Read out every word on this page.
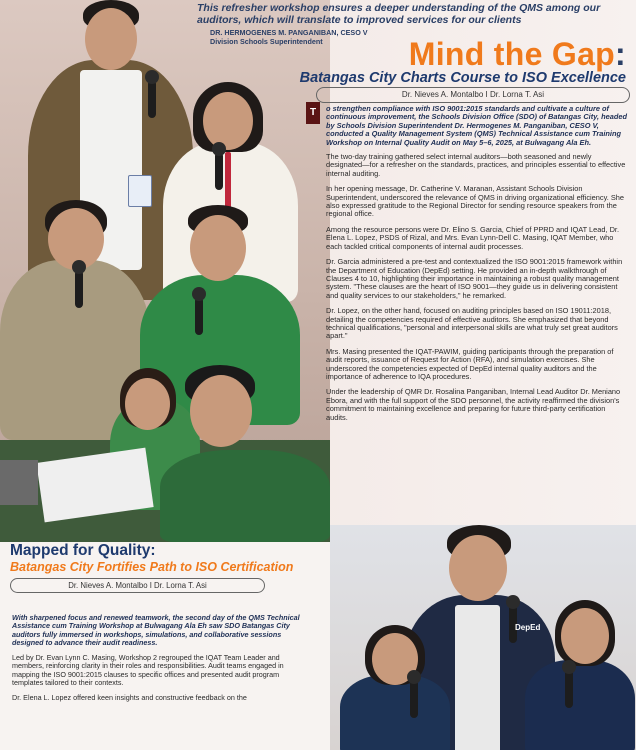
This refresher workshop ensures a deeper understanding of the QMS among our auditors, which will translate to improved services for our clients
DR. HERMOGENES M. PANGANIBAN, CESO V
Division Schools Superintendent	Mind the Gap:
Batangas City Charts Course to ISO Excellence
Dr. Nieves A. Montalbo I Dr. Lorna T. Asi
T	o strengthen compliance with ISO 9001:2015 standards and cultivate a culture of continuous improvement, the Schools Division Office (SDO) of Batangas City, headed by Schools Division Superintendent Dr. Hermogenes M. Panganiban, CESO V, conducted a Quality Management System (QMS) Technical Assistance cum Training Workshop on Internal Quality Audit on May 5–6, 2025, at Bulwagang Ala Eh.

The two-day training gathered select internal auditors—both seasoned and newly designated—for a refresher on the standards, practices, and principles essential to effective internal auditing.

In her opening message, Dr. Catherine V. Maranan, Assistant Schools Division Superintendent, underscored the relevance of QMS in driving organizational efficiency. She also expressed gratitude to the Regional Director for sending resource speakers from the regional office.

Among the resource persons were Dr. Elino S. Garcia, Chief of PPRD and IQAT Lead, Dr. Elena L. Lopez, PSDS of Rizal, and Mrs. Evan Lynn-Dell C. Masing, IQAT Member, who each tackled critical components of internal audit processes.

Dr. Garcia administered a pre-test and contextualized the ISO 9001:2015 framework within the Department of Education (DepEd) setting. He provided an in-depth walkthrough of Clauses 4 to 10, highlighting their importance in maintaining a robust quality management system. "These clauses are the heart of ISO 9001—they guide us in delivering consistent and quality services to our stakeholders," he remarked.

Dr. Lopez, on the other hand, focused on auditing principles based on ISO 19011:2018, detailing the competencies required of effective auditors. She emphasized that beyond technical qualifications, "personal and interpersonal skills are what truly set great auditors apart."

Mrs. Masing presented the IQAT-PAWIM, guiding participants through the preparation of audit reports, issuance of Request for Action (RFA), and simulation exercises. She underscored the competencies expected of DepEd internal quality auditors and the importance of adherence to IQA procedures.

Under the leadership of QMR Dr. Rosalina Panganiban, Internal Lead Auditor Dr. Meniano Ebora, and with the full support of the SDO personnel, the activity reaffirmed the division's commitment to maintaining excellence and preparing for future third-party certification audits.

Mapped for Quality:
Batangas City Fortifies Path to ISO Certification
Dr. Nieves A. Montalbo I Dr. Lorna T. Asi

With sharpened focus and renewed teamwork, the second day of the QMS Technical Assistance cum Training Workshop at Bulwagang Ala Eh saw SDO Batangas City auditors fully immersed in workshops, simulations, and collaborative sessions designed to advance their audit readiness.

Led by Dr. Evan Lynn C. Masing, Workshop 2 regrouped the IQAT Team Leader and members, reinforcing clarity in their roles and responsibilities. Audit teams engaged in mapping the ISO 9001:2015 clauses to specific offices and presented audit program templates tailored to their contexts.

Dr. Elena L. Lopez offered keen insights and constructive feedback on the

DepEd
